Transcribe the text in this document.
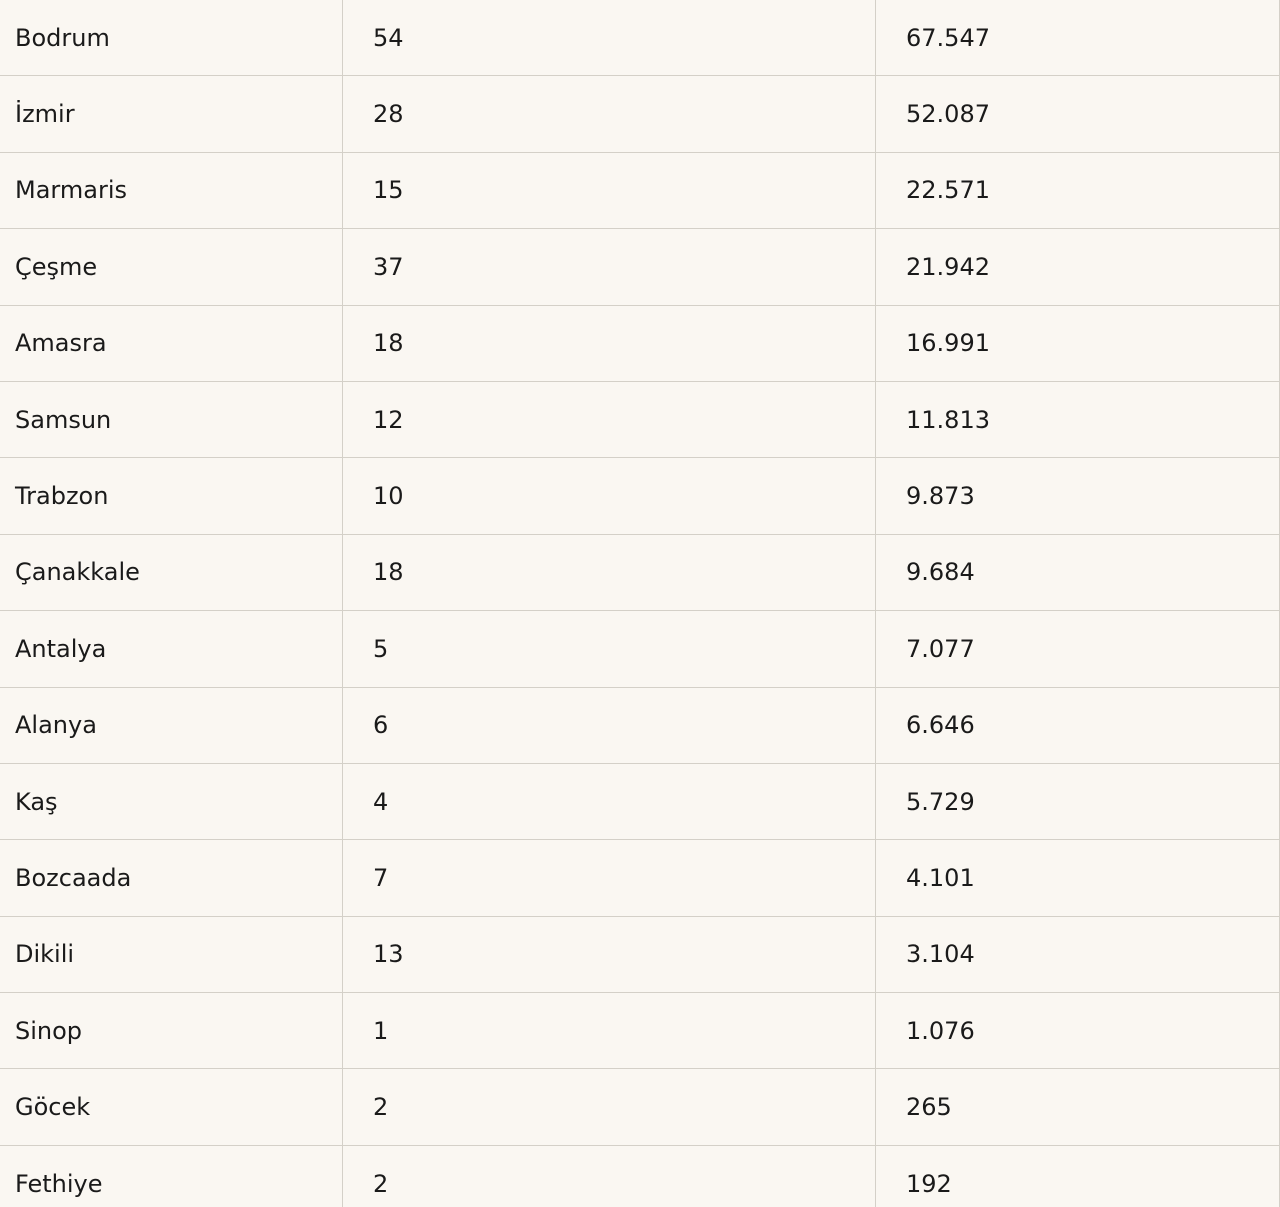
Bodrum	54	67.547
İzmir	28	52.087
Marmaris	15	22.571
Çeşme	37	21.942
Amasra	18	16.991
Samsun	12	11.813
Trabzon	10	9.873
Çanakkale	18	9.684
Antalya	5	7.077
Alanya	6	6.646
Kaş	4	5.729
Bozcaada	7	4.101
Dikili	13	3.104
Sinop	1	1.076
Göcek	2	265
Fethiye	2	192
